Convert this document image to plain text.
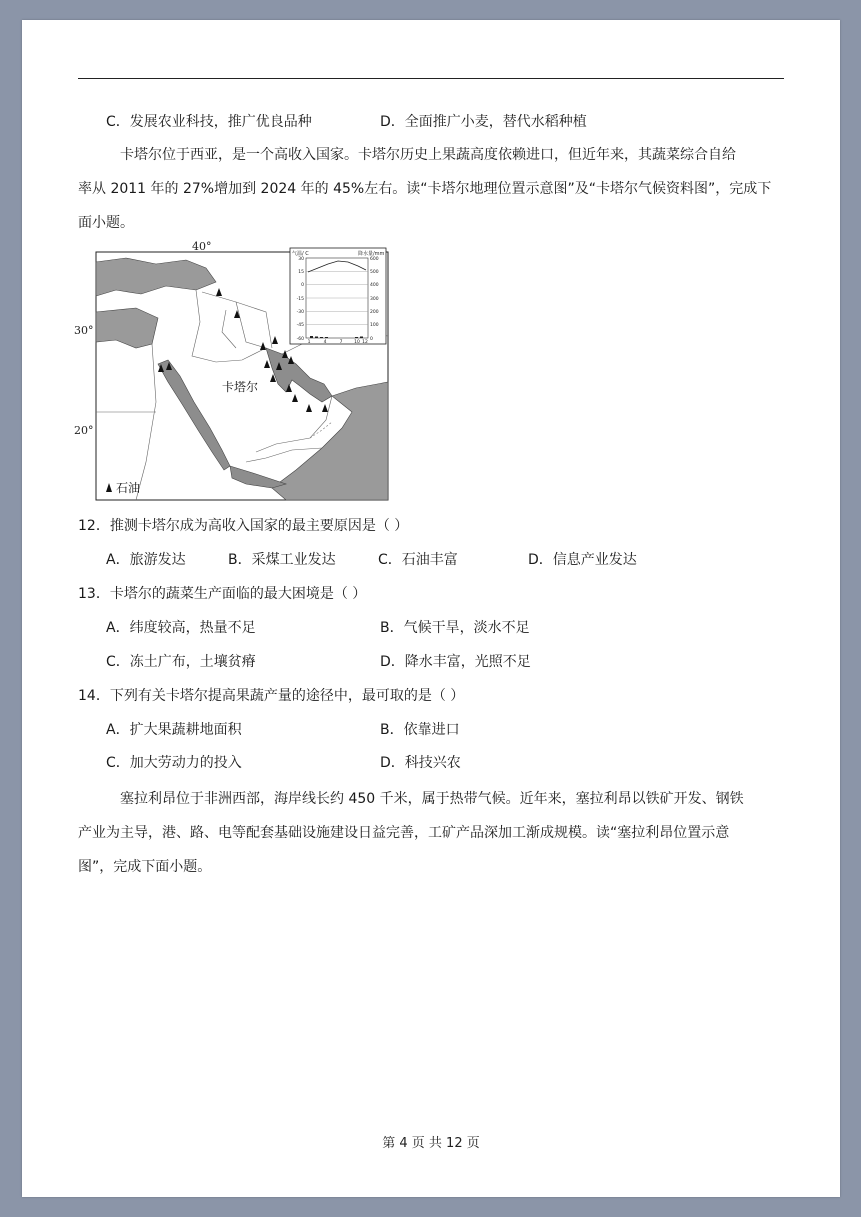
C．发展农业科技，推广优良品种	D．全面推广小麦，替代水稻种植
卡塔尔位于西亚，是一个高收入国家。卡塔尔历史上果蔬高度依赖进口，但近年来，其蔬菜综合自给
率从 2011 年的 27%增加到 2024 年的 45%左右。读“卡塔尔地理位置示意图”及“卡塔尔气候资料图”，完成下
面小题。
40°
30°
20°
卡塔尔
石油
气温/ C	降水量/mm
30
15
0
-15
-30
-45
-60
600
500
400
300
200
100
0
1	4	7	10 12
12．推测卡塔尔成为高收入国家的最主要原因是（ ）
A．旅游发达	B．采煤工业发达	C．石油丰富	D．信息产业发达
13．卡塔尔的蔬菜生产面临的最大困境是（ ）
A．纬度较高，热量不足	B．气候干旱，淡水不足
C．冻土广布，土壤贫瘠	D．降水丰富，光照不足
14．下列有关卡塔尔提高果蔬产量的途径中，最可取的是（ ）
A．扩大果蔬耕地面积	B．依靠进口
C．加大劳动力的投入	D．科技兴农
塞拉利昂位于非洲西部，海岸线长约 450 千米，属于热带气候。近年来，塞拉利昂以铁矿开发、钢铁
产业为主导，港、路、电等配套基础设施建设日益完善，工矿产品深加工渐成规模。读“塞拉利昂位置示意
图”，完成下面小题。
第 4 页 共 12 页
